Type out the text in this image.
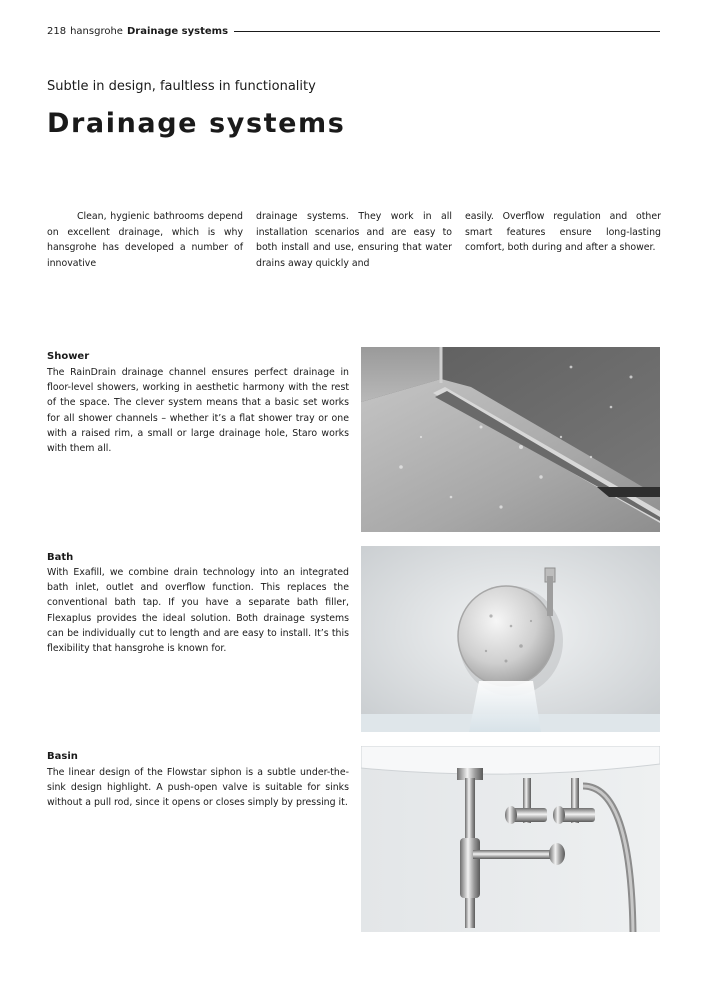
218 hansgrohe Drainage systems
Subtle in design, faultless in functionality
Drainage systems
Clean, hygienic bathrooms depend on excellent drainage, which is why hansgrohe has developed a number of innovative
drainage systems. They work in all installation scenarios and are easy to both install and use, ensuring that water drains away quickly and
easily. Overflow regulation and other smart features ensure long-lasting comfort, both during and after a shower.
Shower
The RainDrain drainage channel ensures perfect drainage in floor-level showers, working in aesthetic harmony with the rest of the space. The clever system means that a basic set works for all shower channels – whether it’s a flat shower tray or one with a raised rim, a small or large drainage hole, Staro works with them all.
Bath
With Exafill, we combine drain technology into an integrated bath inlet, outlet and overflow function. This replaces the conventional bath tap. If you have a separate bath filler, Flexaplus provides the ideal solution. Both drainage systems can be individually cut to length and are easy to install. It’s this flexibility that hansgrohe is known for.
Basin
The linear design of the Flowstar siphon is a subtle under-the-sink design highlight. A push-open valve is suitable for sinks without a pull rod, since it opens or closes simply by pressing it.
